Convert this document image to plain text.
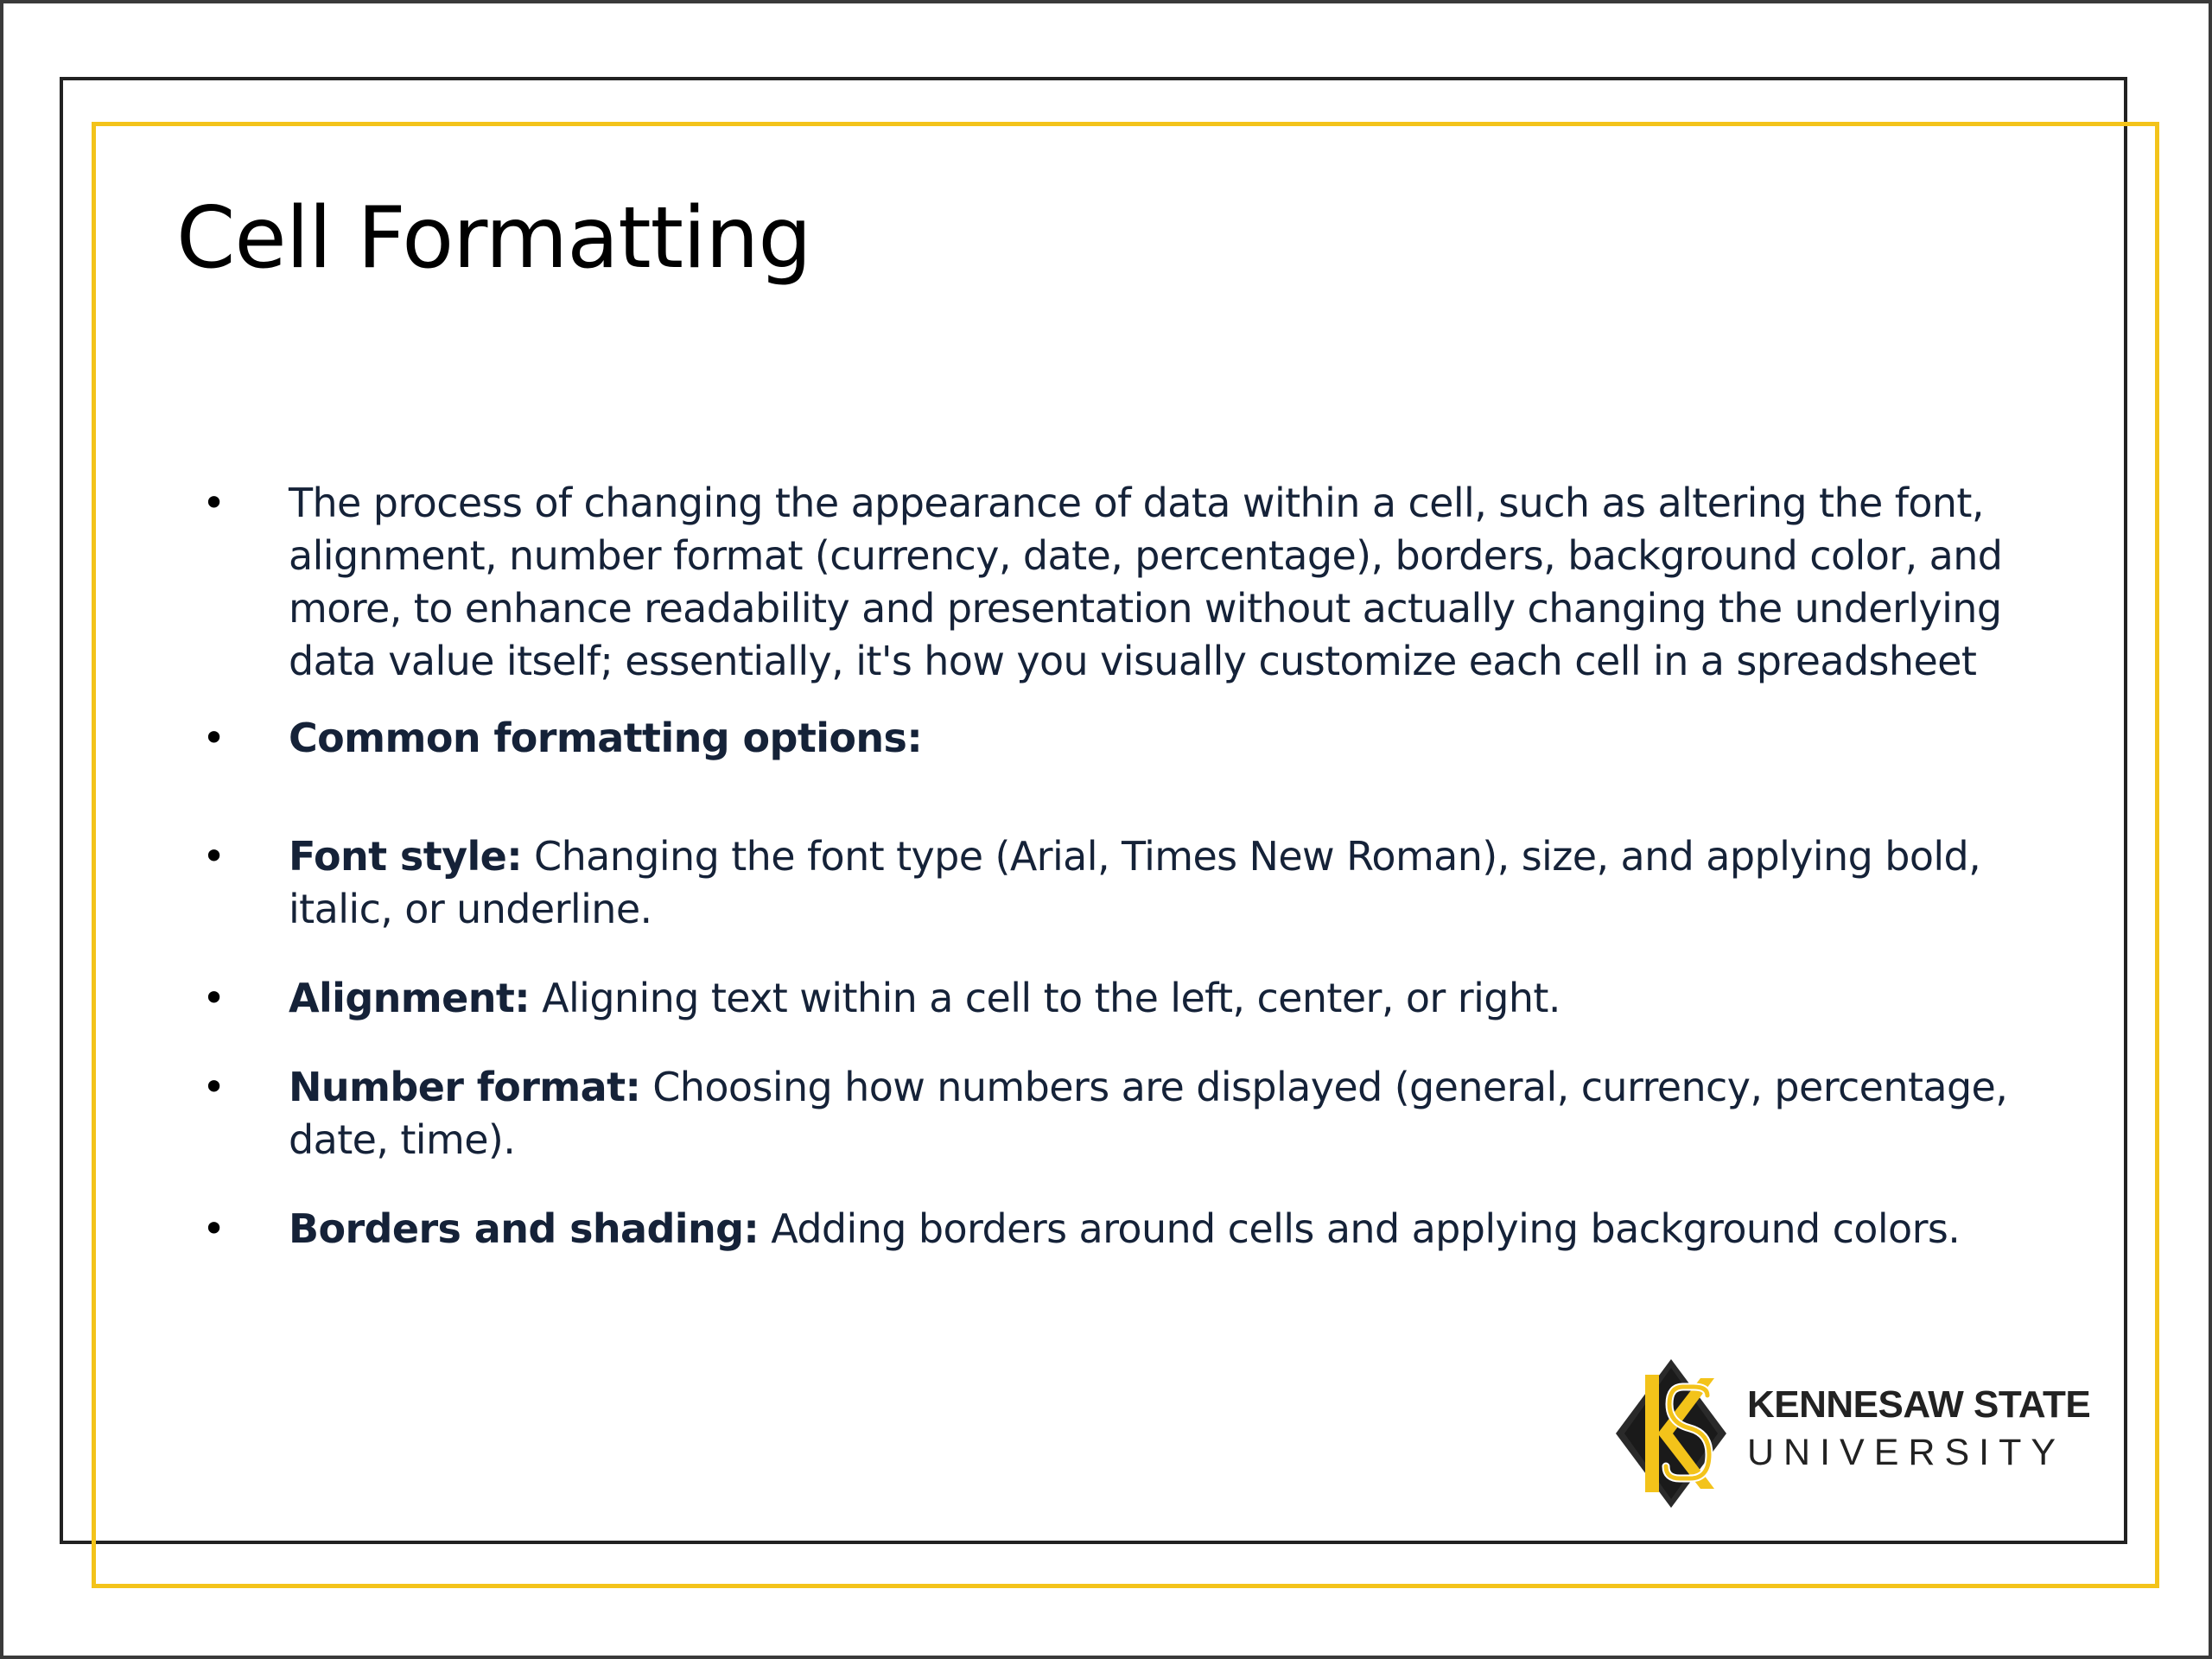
Cell Formatting
• The process of changing the appearance of data within a cell, such as altering the font, alignment, number format (currency, date, percentage), borders, background color, and more, to enhance readability and presentation without actually changing the underlying data value itself; essentially, it's how you visually customize each cell in a spreadsheet
• Common formatting options:
• Font style: Changing the font type (Arial, Times New Roman), size, and applying bold, italic, or underline.
• Alignment: Aligning text within a cell to the left, center, or right.
• Number format: Choosing how numbers are displayed (general, currency, percentage, date, time).
• Borders and shading: Adding borders around cells and applying background colors.
KENNESAW STATE
UNIVERSITY
